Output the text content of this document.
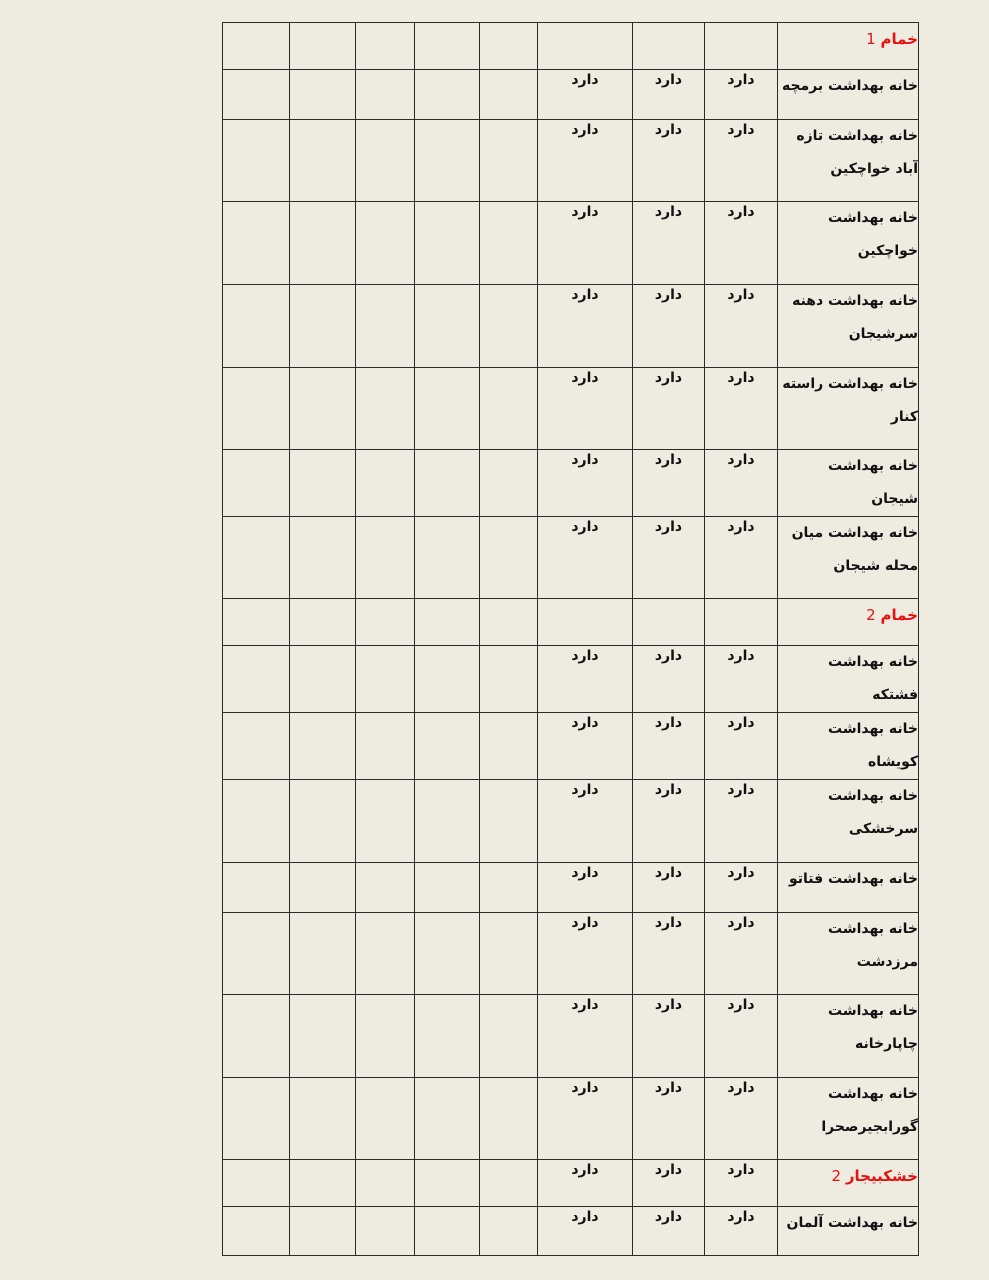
خمام 1								
خانه بهداشت برمچه	دارد	دارد	دارد					
خانه بهداشت تازه آباد خواچکین	دارد	دارد	دارد					
خانه بهداشت خواچکین	دارد	دارد	دارد					
خانه بهداشت دهنه سرشیجان	دارد	دارد	دارد					
خانه بهداشت راسته کنار	دارد	دارد	دارد					
خانه بهداشت شیجان	دارد	دارد	دارد					
خانه بهداشت میان محله شیجان	دارد	دارد	دارد					
خمام 2								
خانه بهداشت فشتکه	دارد	دارد	دارد					
خانه بهداشت کویشاه	دارد	دارد	دارد					
خانه بهداشت سرخشکی	دارد	دارد	دارد					
خانه بهداشت فتاتو	دارد	دارد	دارد					
خانه بهداشت مرزدشت	دارد	دارد	دارد					
خانه بهداشت چاپارخانه	دارد	دارد	دارد					
خانه بهداشت گورابجیرصحرا	دارد	دارد	دارد					
خشکبیجار 2	دارد	دارد	دارد					
خانه بهداشت آلمان	دارد	دارد	دارد					
